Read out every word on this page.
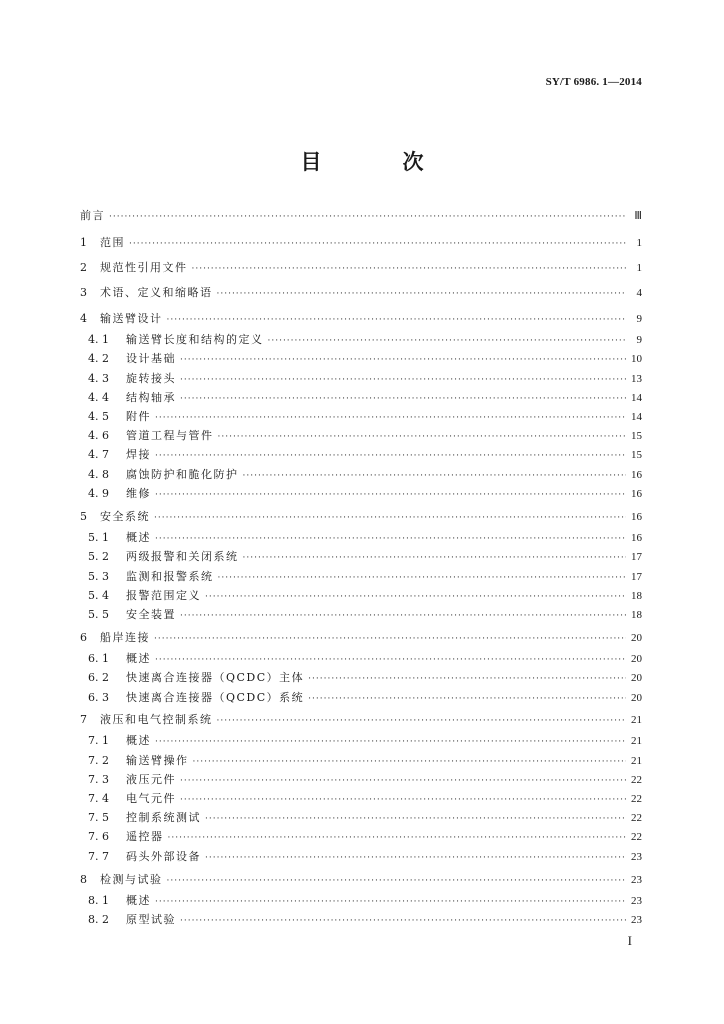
SY/T 6986. 1—2014
目　次
前言 ·····	Ⅲ
1	范围 ·····	1
2	规范性引用文件 ·····	1
3	术语、定义和缩略语 ·····	4
4	输送臂设计 ·····	9
4. 1	输送臂长度和结构的定义 ·····	9
4. 2	设计基础 ·····	10
4. 3	旋转接头 ·····	13
4. 4	结构轴承 ·····	14
4. 5	附件 ·····	14
4. 6	管道工程与管件 ·····	15
4. 7	焊接 ·····	15
4. 8	腐蚀防护和脆化防护 ·····	16
4. 9	维修 ·····	16
5	安全系统 ·····	16
5. 1	概述 ·····	16
5. 2	两级报警和关闭系统 ·····	17
5. 3	监测和报警系统 ·····	17
5. 4	报警范围定义 ·····	18
5. 5	安全装置 ·····	18
6	船岸连接 ·····	20
6. 1	概述 ·····	20
6. 2	快速离合连接器（QCDC）主体 ·····	20
6. 3	快速离合连接器（QCDC）系统 ·····	20
7	液压和电气控制系统 ·····	21
7. 1	概述 ·····	21
7. 2	输送臂操作 ·····	21
7. 3	液压元件 ·····	22
7. 4	电气元件 ·····	22
7. 5	控制系统测试 ·····	22
7. 6	遥控器 ·····	22
7. 7	码头外部设备 ·····	23
8	检测与试验 ·····	23
8. 1	概述 ·····	23
8. 2	原型试验 ·····	23
I
